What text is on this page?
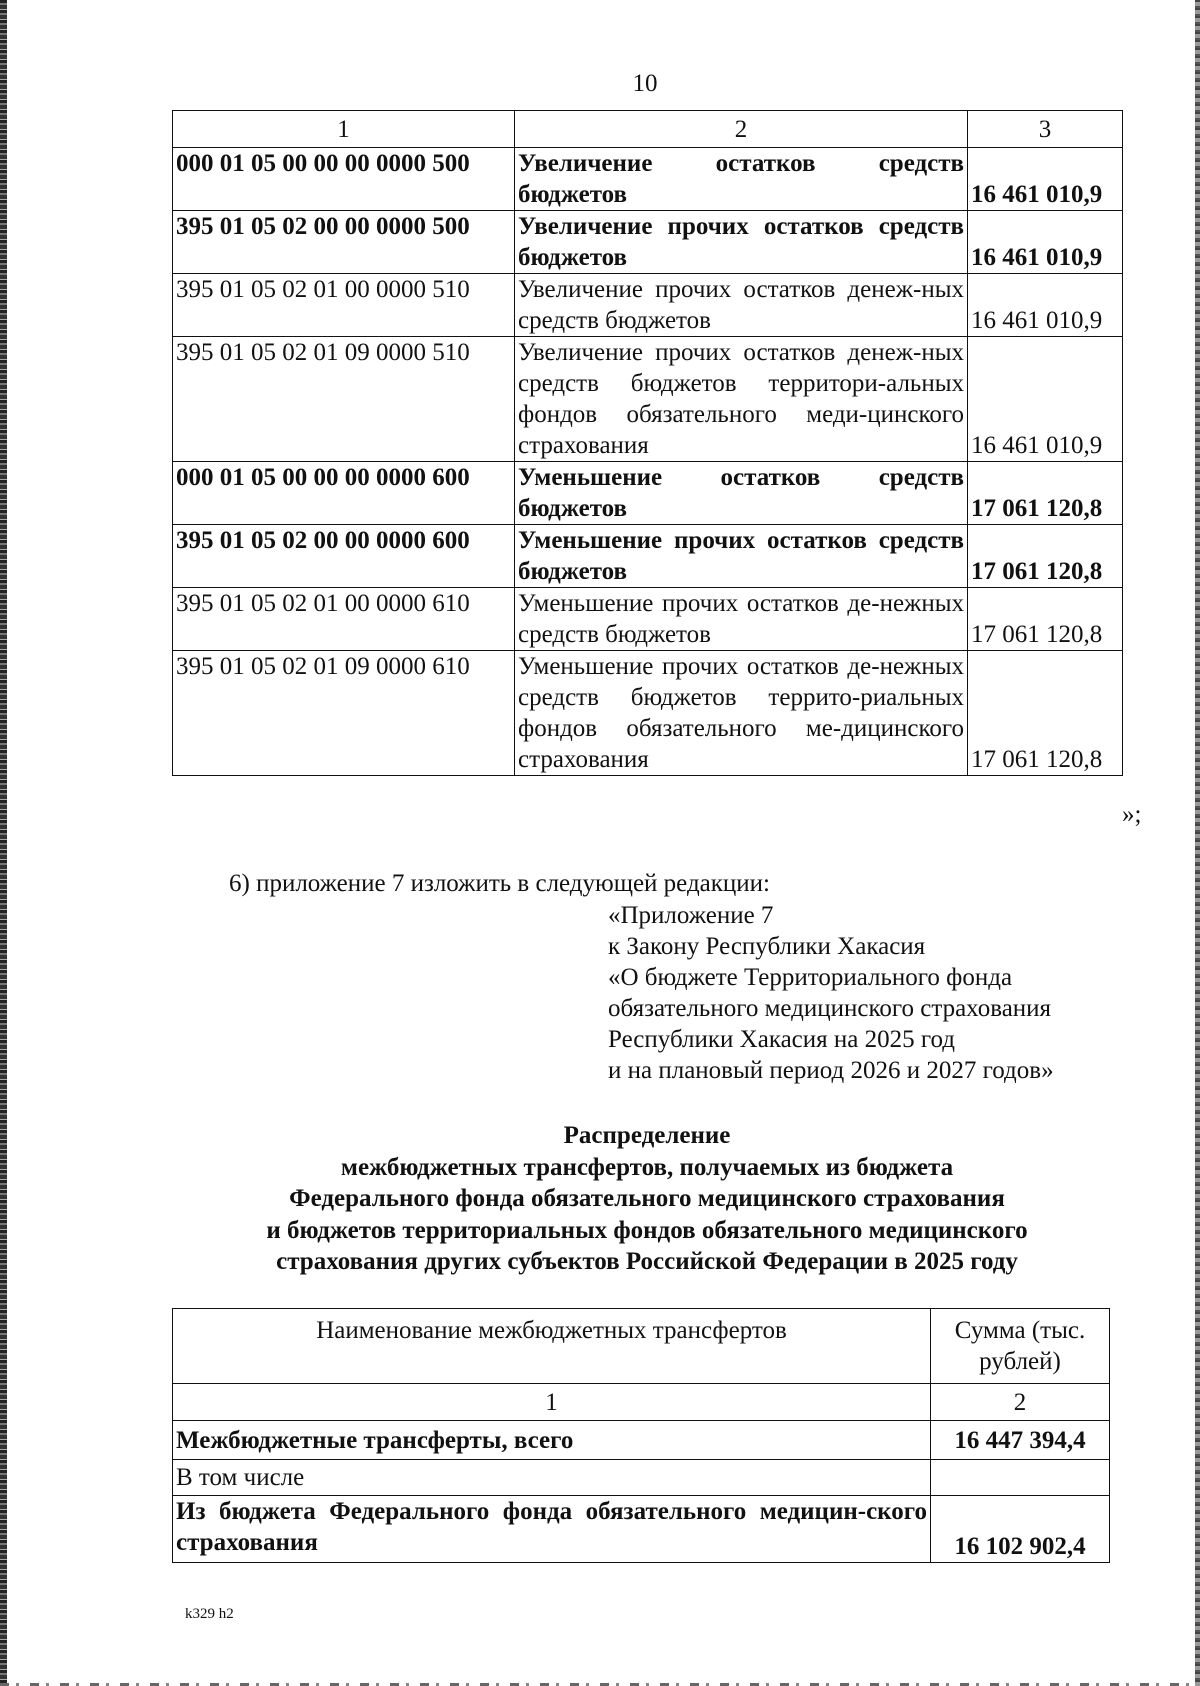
10
1	2	3
000 01 05 00 00 00 0000 500	Увеличение остатков средств бюджетов	16 461 010,9
395 01 05 02 00 00 0000 500	Увеличение прочих остатков средств бюджетов	16 461 010,9
395 01 05 02 01 00 0000 510	Увеличение прочих остатков денеж-ных средств бюджетов	16 461 010,9
395 01 05 02 01 09 0000 510	Увеличение прочих остатков денеж-ных средств бюджетов территори-альных фондов обязательного меди-цинского страхования	16 461 010,9
000 01 05 00 00 00 0000 600	Уменьшение остатков средств бюджетов	17 061 120,8
395 01 05 02 00 00 0000 600	Уменьшение прочих остатков средств бюджетов	17 061 120,8
395 01 05 02 01 00 0000 610	Уменьшение прочих остатков де-нежных средств бюджетов	17 061 120,8
395 01 05 02 01 09 0000 610	Уменьшение прочих остатков де-нежных средств бюджетов террито-риальных фондов обязательного ме-дицинского страхования	17 061 120,8
»;
6) приложение 7 изложить в следующей редакции:
«Приложение 7
к Закону Республики Хакасия
«О бюджете Территориального фонда
обязательного медицинского страхования
Республики Хакасия на 2025 год
и на плановый период 2026 и 2027 годов»
Распределение
межбюджетных трансфертов, получаемых из бюджета
Федерального фонда обязательного медицинского страхования
и бюджетов территориальных фондов обязательного медицинского
страхования других субъектов Российской Федерации в 2025 году
Наименование межбюджетных трансфертов	Сумма (тыс. рублей)
1	2
Межбюджетные трансферты, всего	16 447 394,4
В том числе	
Из бюджета Федерального фонда обязательного медицин-ского страхования	16 102 902,4
k329 h2
